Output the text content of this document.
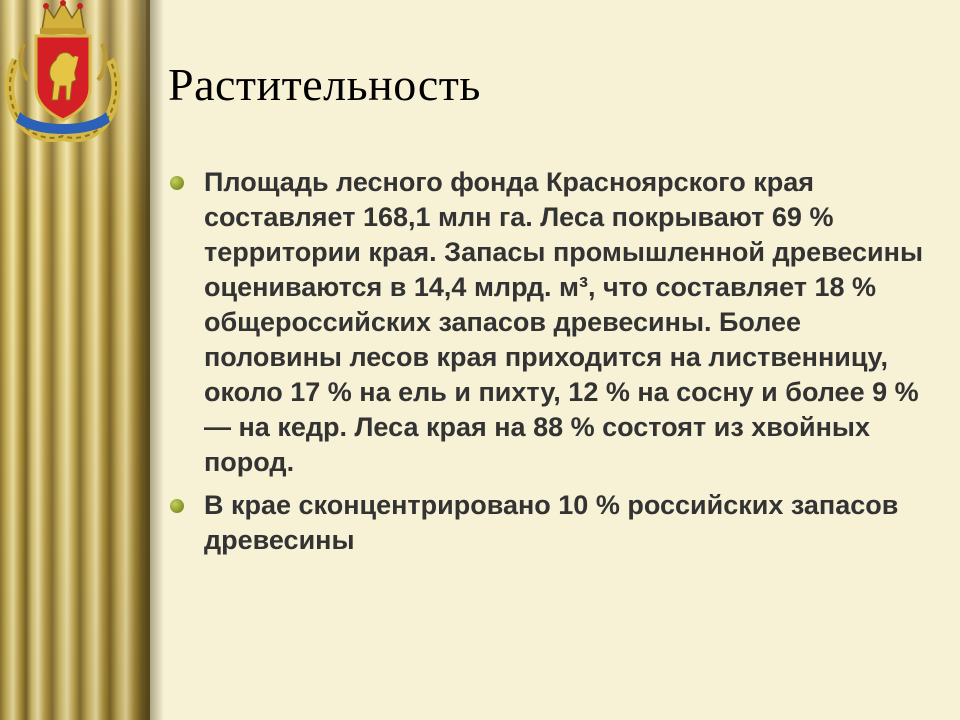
Растительность
Площадь лесного фонда Красноярского края составляет 168,1 млн га. Леса покрывают 69 % территории края. Запасы промышленной древесины оцениваются в 14,4 млрд. м³, что составляет 18 % общероссийских запасов древесины. Более половины лесов края приходится на лиственницу, около 17 % на ель и пихту, 12 % на сосну и более 9 % — на кедр. Леса края на 88 % состоят из хвойных пород.
В крае сконцентрировано 10 % российских запасов древесины
